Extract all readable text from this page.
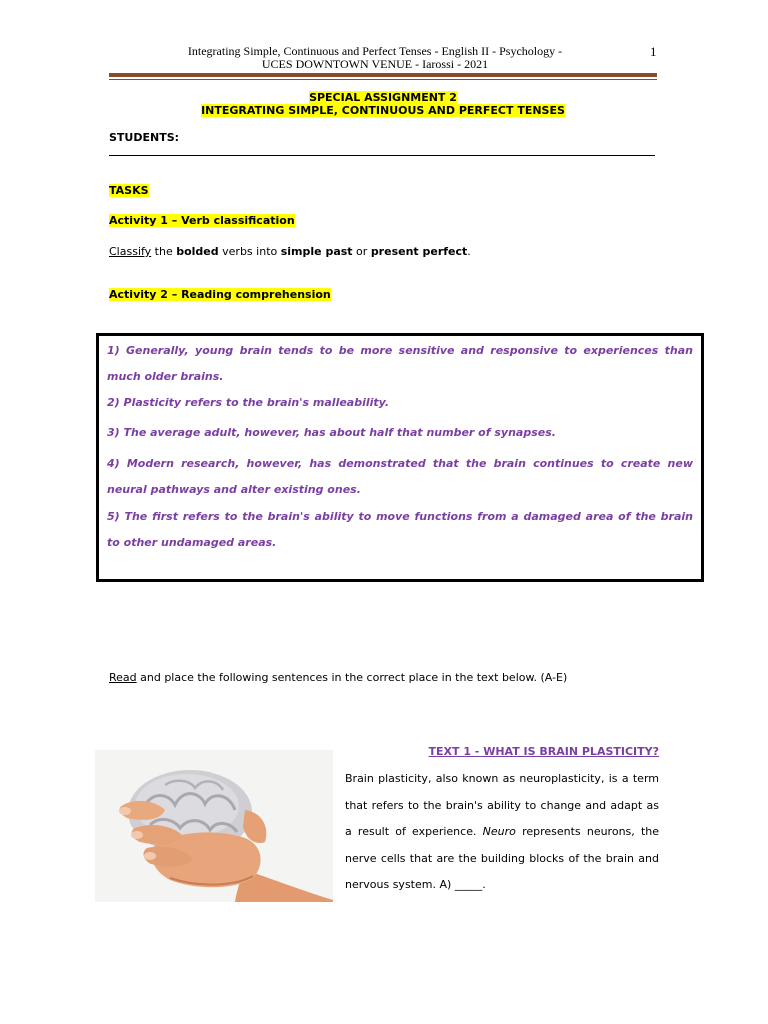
Integrating Simple, Continuous and Perfect Tenses - English II - Psychology -
UCES DOWNTOWN VENUE - Iarossi - 2021
1
SPECIAL ASSIGNMENT 2
INTEGRATING SIMPLE, CONTINUOUS AND PERFECT TENSES
STUDENTS:
TASKS
Activity 1 – Verb classification
Classify the bolded verbs into simple past or present perfect.
Activity 2 – Reading comprehension
1) Generally, young brain tends to be more sensitive and responsive to experiences than much older brains.
2) Plasticity refers to the brain's malleability.
3) The average adult, however, has about half that number of synapses.
4) Modern research, however, has demonstrated that the brain continues to create new neural pathways and alter existing ones.
5) The first refers to the brain's ability to move functions from a damaged area of the brain to other undamaged areas.
Read and place the following sentences in the correct place in the text below. (A-E)
TEXT 1 - WHAT IS BRAIN PLASTICITY?
Brain plasticity, also known as neuroplasticity, is a term that refers to the brain's ability to change and adapt as a result of experience. Neuro represents neurons, the nerve cells that are the building blocks of the brain and nervous system. A) _____.
